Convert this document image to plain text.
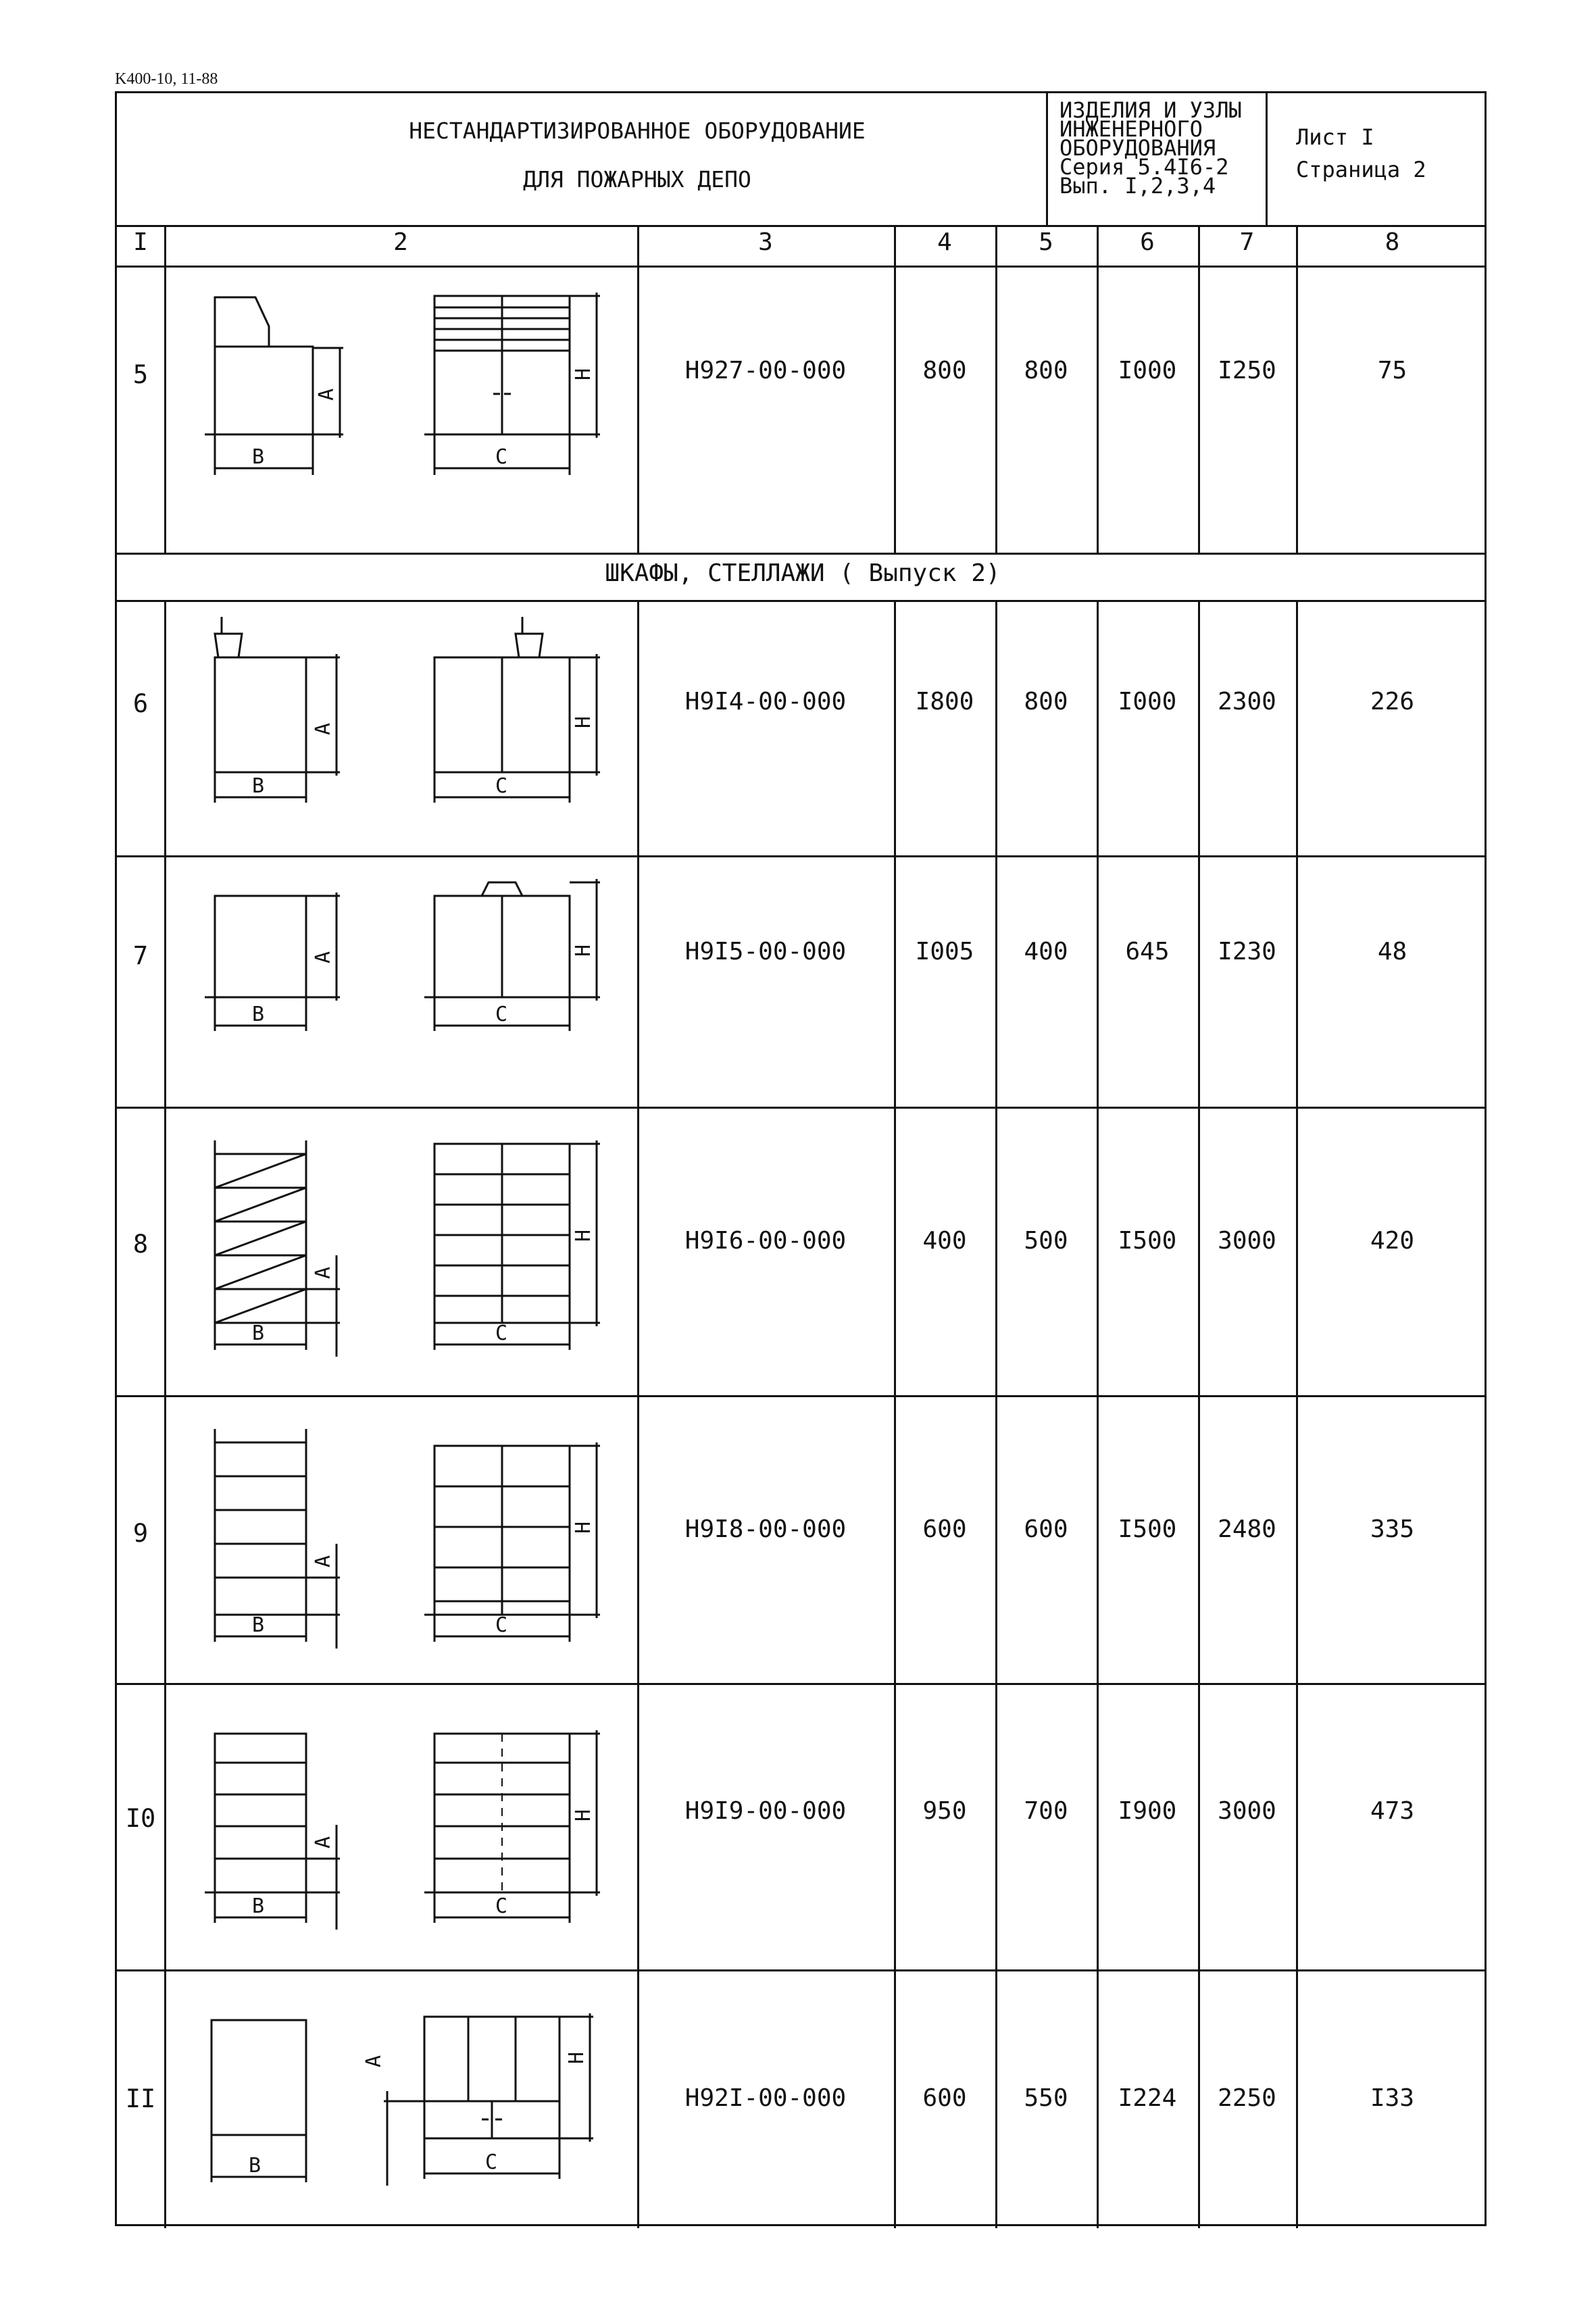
K400-10, 11-88
НЕСТАНДАРТИЗИРОВАННОЕ ОБОРУДОВАНИЕ
ДЛЯ ПОЖАРНЫХ ДЕПО
ИЗДЕЛИЯ И УЗЛЫ
ИНЖЕНЕРНОГО
ОБОРУДОВАНИЯ
Серия 5.4I6-2
Вып. I,2,3,4
Лист I
Страница 2
I	2	3	4	5	6	7	8
ШКАФЫ, СТЕЛЛАЖИ ( Выпуск 2)
5	Н927-00-000	800	800	I000	I250	75
B
A
C
H
6	Н9I4-00-000	I800	800	I000	2300	226
B
A
C
H
7	Н9I5-00-000	I005	400	645	I230	48
B
A
C
H
8	Н9I6-00-000	400	500	I500	3000	420
B
A
C
H
9	Н9I8-00-000	600	600	I500	2480	335
B
A
C
H
I0	Н9I9-00-000	950	700	I900	3000	473
B
A
C
H
II	Н92I-00-000	600	550	I224	2250	I33
B	C
A	H
